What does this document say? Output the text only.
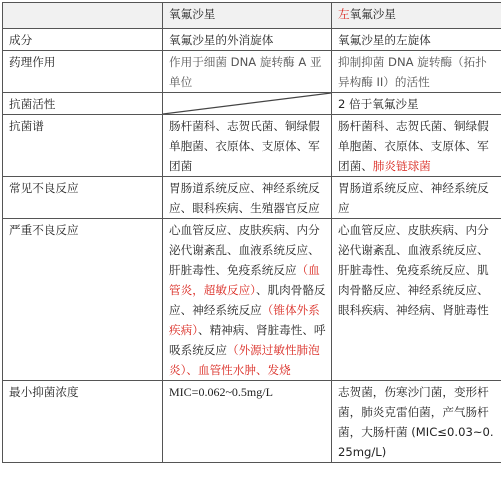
	氧氟沙星	左氧氟沙星
成分	氧氟沙星的外消旋体	氧氟沙星的左旋体
药理作用	作用于细菌 DNA 旋转酶 A 亚单位	抑制抑菌 DNA 旋转酶（拓扑异构酶 II）的活性
抗菌活性		2 倍于氧氟沙星
抗菌谱	肠杆菌科、志贺氏菌、铜绿假单胞菌、衣原体、支原体、军团菌	肠杆菌科、志贺氏菌、铜绿假单胞菌、衣原体、支原体、军团菌、肺炎链球菌
常见不良反应	胃肠道系统反应、神经系统反应、眼科疾病、生殖器官反应	胃肠道系统反应、神经系统反应
严重不良反应	心血管反应、皮肤疾病、内分泌代谢紊乱、血液系统反应、肝脏毒性、免疫系统反应（血管炎，超敏反应）、肌肉骨骼反应、神经系统反应（锥体外系疾病）、精神病、肾脏毒性、呼吸系统反应（外源过敏性肺泡炎）、血管性水肿、发烧	心血管反应、皮肤疾病、内分泌代谢紊乱、血液系统反应、肝脏毒性、免疫系统反应、肌肉骨骼反应、神经系统反应、眼科疾病、神经病、肾脏毒性
最小抑菌浓度	MIC=0.062~0.5mg/L	志贺菌，伤寒沙门菌，变形杆菌，肺炎克雷伯菌，产气肠杆菌，大肠杆菌 (MIC≤0.03~0.25mg/L)
